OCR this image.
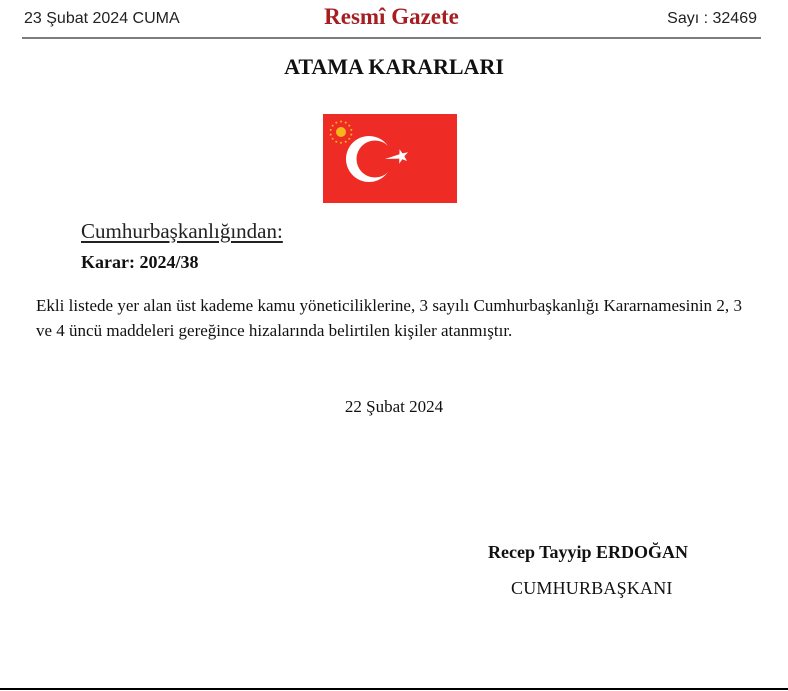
23 Şubat 2024 CUMA	Resmî Gazete	Sayı : 32469
ATAMA KARARLARI
Cumhurbaşkanlığından:
Karar: 2024/38

Ekli listede yer alan üst kademe kamu yöneticiliklerine, 3 sayılı Cumhurbaşkanlığı Kararnamesinin 2, 3 ve 4 üncü maddeleri gereğince hizalarında belirtilen kişiler atanmıştır.

22 Şubat 2024
Recep Tayyip ERDOĞAN
CUMHURBAŞKANI
